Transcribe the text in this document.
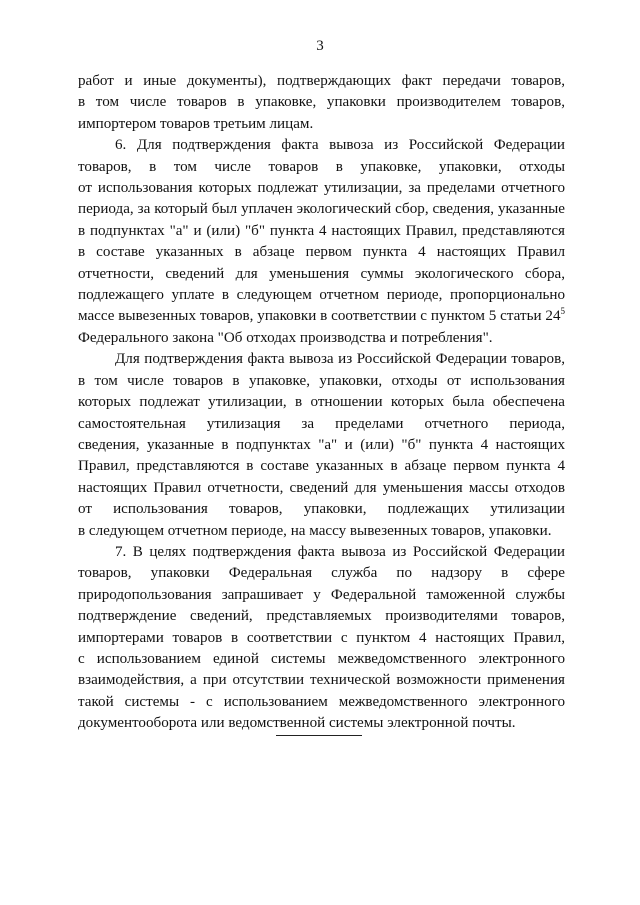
3

работ и иные документы), подтверждающих факт передачи товаров,
в том числе товаров в упаковке, упаковки производителем товаров,
импортером товаров третьим лицам.

6. Для подтверждения факта вывоза из Российской Федерации
товаров, в том числе товаров в упаковке, упаковки, отходы
от использования которых подлежат утилизации, за пределами отчетного
периода, за который был уплачен экологический сбор, сведения, указанные
в подпунктах "а" и (или) "б" пункта 4 настоящих Правил, представляются
в составе указанных в абзаце первом пункта 4 настоящих Правил
отчетности, сведений для уменьшения суммы экологического сбора,
подлежащего уплате в следующем отчетном периоде, пропорционально
массе вывезенных товаров, упаковки в соответствии с пунктом 5 статьи $24^5$
Федерального закона "Об отходах производства и потребления".

Для подтверждения факта вывоза из Российской Федерации товаров,
в том числе товаров в упаковке, упаковки, отходы от использования
которых подлежат утилизации, в отношении которых была обеспечена
самостоятельная утилизация за пределами отчетного периода,
сведения, указанные в подпунктах "а" и (или) "б" пункта 4 настоящих
Правил, представляются в составе указанных в абзаце первом пункта 4
настоящих Правил отчетности, сведений для уменьшения массы отходов
от использования товаров, упаковки, подлежащих утилизации
в следующем отчетном периоде, на массу вывезенных товаров, упаковки.

7. В целях подтверждения факта вывоза из Российской Федерации
товаров, упаковки Федеральная служба по надзору в сфере
природопользования запрашивает у Федеральной таможенной службы
подтверждение сведений, представляемых производителями товаров,
импортерами товаров в соответствии с пунктом 4 настоящих Правил,
с использованием единой системы межведомственного электронного
взаимодействия, а при отсутствии технической возможности применения
такой системы - с использованием межведомственного электронного
документооборота или ведомственной системы электронной почты.
